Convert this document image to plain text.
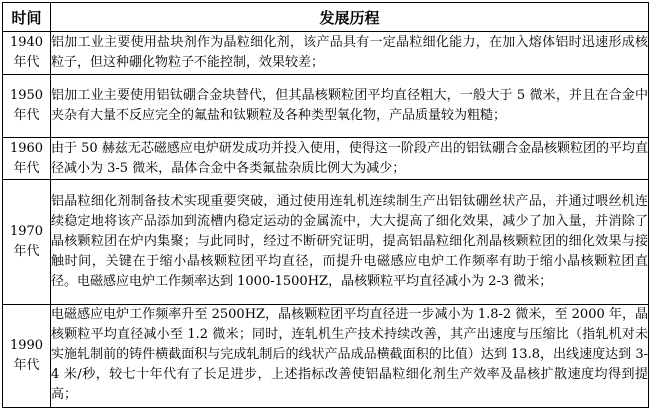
时间	发展历程

1940
年代	铝加工业主要使用盐块剂作为晶粒细化剂，该产品具有一定晶粒细化能力，在加入熔体铝时迅速形成核粒子，但这种硼化物粒子不能控制，效果较差；

1950
年代	铝加工业主要使用铝钛硼合金块替代，但其晶核颗粒团平均直径粗大，一般大于 5 微米，并且在合金中夹杂有大量不反应完全的氟盐和钛颗粒及各种类型氧化物，产品质量较为粗糙；

1960
年代	由于 50 赫兹无芯磁感应电炉研发成功并投入使用，使得这一阶段产出的铝钛硼合金晶核颗粒团的平均直径减小为 3-5 微米，晶体合金中各类氟盐杂质比例大为减少；

1970
年代	铝晶粒细化剂制备技术实现重要突破，通过使用连轧机连续制生产出铝钛硼丝状产品，并通过喂丝机连续稳定地将该产品添加到流槽内稳定运动的金属流中，大大提高了细化效果，减少了加入量，并消除了晶核颗粒团在炉内集聚；与此同时，经过不断研究证明，提高铝晶粒细化剂晶核颗粒团的细化效果与接触时间，关键在于缩小晶核颗粒团平均直径，而提升电磁感应电炉工作频率有助于缩小晶核颗粒团直径。电磁感应电炉工作频率达到 1000-1500HZ，晶核颗粒平均直径减小为 2-3 微米；

1990
年代	电磁感应电炉工作频率升至 2500HZ，晶核颗粒团平均直径进一步减小为 1.8-2 微米，至 2000 年，晶核颗粒平均直径减小至 1.2 微米；同时，连轧机生产技术持续改善，其产出速度与压缩比（指轧机对未实施轧制前的铸件横截面积与完成轧制后的线状产品成品横截面积的比值）达到 13.8，出线速度达到 3-4 米/秒，较七十年代有了长足进步，上述指标改善使铝晶粒细化剂生产效率及晶核扩散速度均得到提高；
